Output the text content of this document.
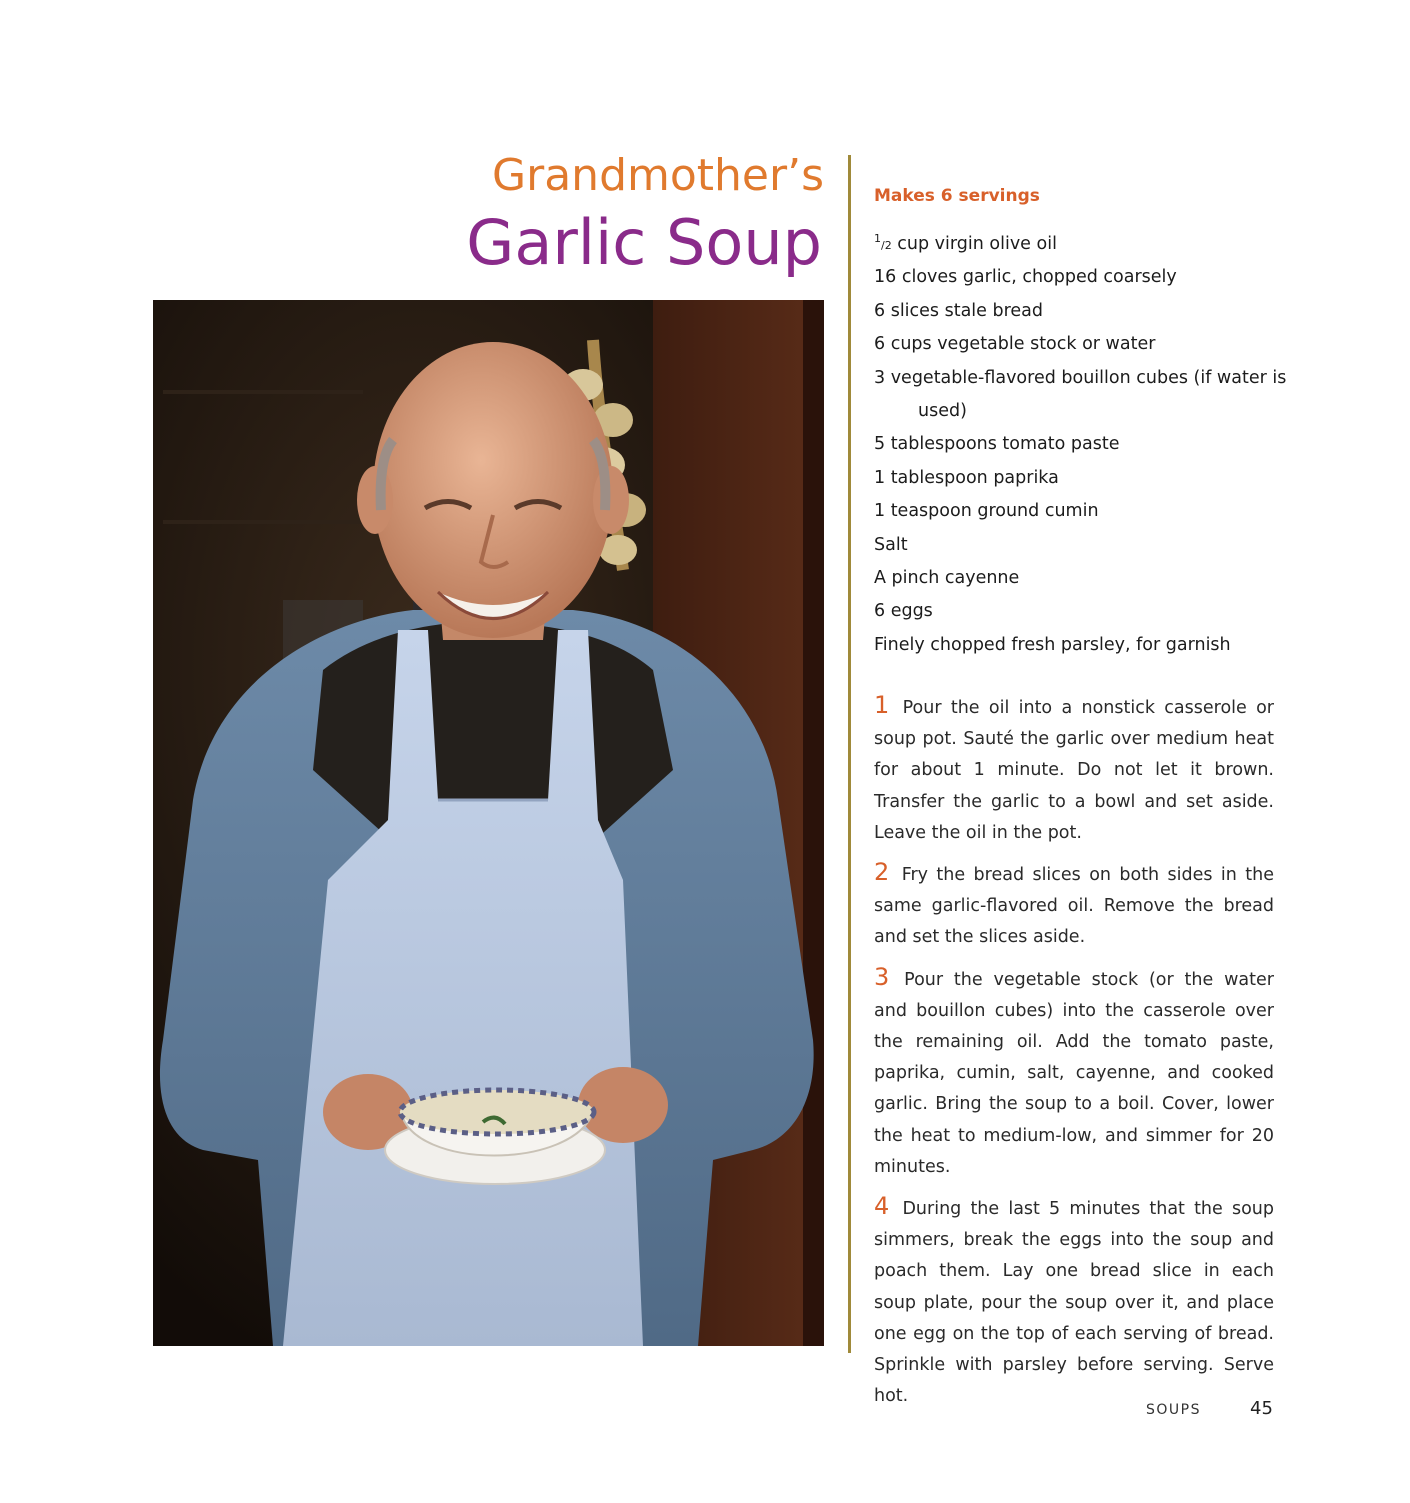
Grandmother’s
Garlic Soup
Makes 6 servings
$^1$/2 cup virgin olive oil
16 cloves garlic, chopped coarsely
6 slices stale bread
6 cups vegetable stock or water
3 vegetable-flavored bouillon cubes (if water is used)
5 tablespoons tomato paste
1 tablespoon paprika
1 teaspoon ground cumin
Salt
A pinch cayenne
6 eggs
Finely chopped fresh parsley, for garnish

1 Pour the oil into a nonstick casserole or soup pot. Sauté the garlic over medium heat for about 1 minute. Do not let it brown. Transfer the garlic to a bowl and set aside. Leave the oil in the pot.

2 Fry the bread slices on both sides in the same garlic-flavored oil. Remove the bread and set the slices aside.

3 Pour the vegetable stock (or the water and bouillon cubes) into the casserole over the remaining oil. Add the tomato paste, paprika, cumin, salt, cayenne, and cooked garlic. Bring the soup to a boil. Cover, lower the heat to medium-low, and simmer for 20 minutes.

4 During the last 5 minutes that the soup simmers, break the eggs into the soup and poach them. Lay one bread slice in each soup plate, pour the soup over it, and place one egg on the top of each serving of bread. Sprinkle with parsley before serving. Serve hot.

SOUPS	45
